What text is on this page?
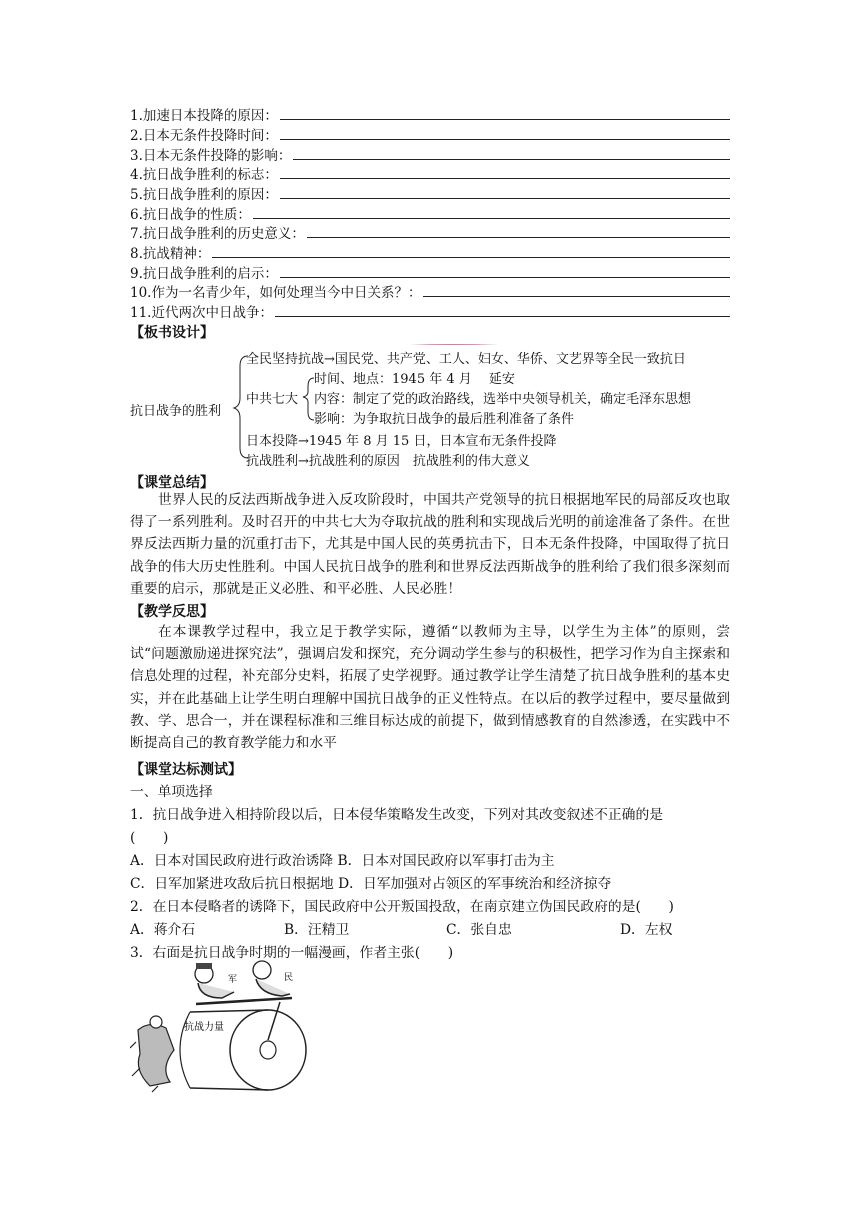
1.加速日本投降的原因：
2.日本无条件投降时间：
3.日本无条件投降的影响：
4.抗日战争胜利的标志：
5.抗日战争胜利的原因：
6.抗日战争的性质：
7.抗日战争胜利的历史意义：
8.抗战精神：
9.抗日战争胜利的启示：
10.作为一名青少年，如何处理当今中日关系？：
11.近代两次中日战争：
【板书设计】
抗日战争的胜利
全民坚持抗战→国民党、共产党、工人、妇女、华侨、文艺界等全民一致抗日
中共七大
时间、地点：1945 年 4 月　 延安
内容：制定了党的政治路线，选举中央领导机关，确定毛泽东思想
影响：为争取抗日战争的最后胜利准备了条件
日本投降→1945 年 8 月 15 日，日本宣布无条件投降
抗战胜利→抗战胜利的原因　抗战胜利的伟大意义
【课堂总结】
世界人民的反法西斯战争进入反攻阶段时，中国共产党领导的抗日根据地军民的局部反攻也取得了一系列胜利。及时召开的中共七大为夺取抗战的胜利和实现战后光明的前途准备了条件。在世界反法西斯力量的沉重打击下，尤其是中国人民的英勇抗击下，日本无条件投降，中国取得了抗日战争的伟大历史性胜利。中国人民抗日战争的胜利和世界反法西斯战争的胜利给了我们很多深刻而重要的启示，那就是正义必胜、和平必胜、人民必胜！
【教学反思】
在本课教学过程中，我立足于教学实际，遵循“以教师为主导，以学生为主体”的原则，尝试“问题激励递进探究法”，强调启发和探究，充分调动学生参与的积极性，把学习作为自主探索和信息处理的过程，补充部分史料，拓展了史学视野。通过教学让学生清楚了抗日战争胜利的基本史实，并在此基础上让学生明白理解中国抗日战争的正义性特点。在以后的教学过程中，要尽量做到教、学、思合一，并在课程标准和三维目标达成的前提下，做到情感教育的自然渗透，在实践中不断提高自己的教育教学能力和水平
【课堂达标测试】
一、单项选择
1．抗日战争进入相持阶段以后，日本侵华策略发生改变，下列对其改变叙述不正确的是
(　　)
A．日本对国民政府进行政治诱降 B．日本对国民政府以军事打击为主
C．日军加紧进攻敌后抗日根据地 D．日军加强对占领区的军事统治和经济掠夺
2．在日本侵略者的诱降下，国民政府中公开叛国投敌，在南京建立伪国民政府的是(　　)
A．蒋介石	B．汪精卫	C．张自忠	D．左权
3．右面是抗日战争时期的一幅漫画，作者主张(　　)
抗战力量
军	民
